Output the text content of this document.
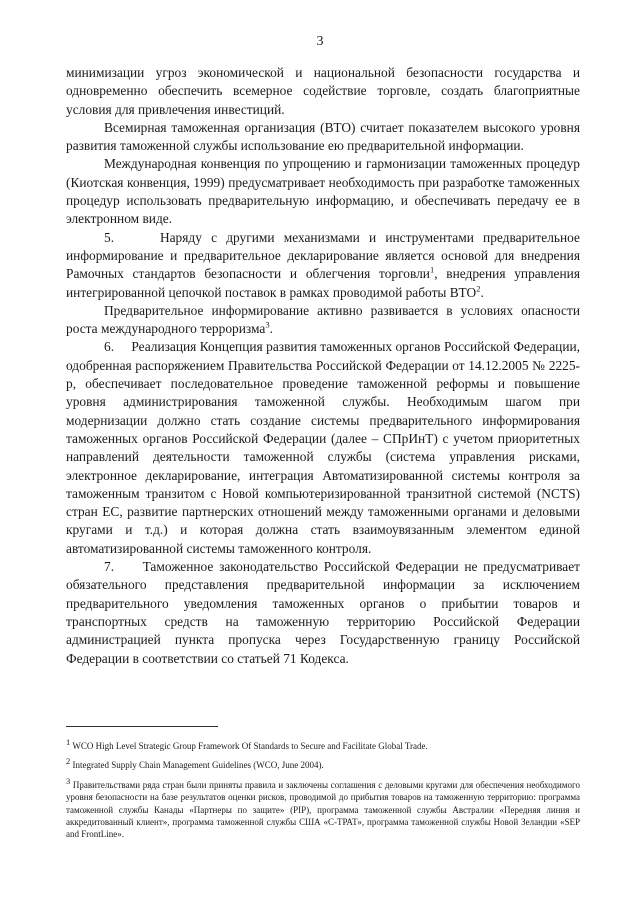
3

минимизации угроз экономической и национальной безопасности государства и одновременно обеспечить всемерное содействие торговле, создать благоприятные условия для привлечения инвестиций.

Всемирная таможенная организация (ВТО) считает показателем высокого уровня развития таможенной службы использование ею предварительной информации.

Международная конвенция по упрощению и гармонизации таможенных процедур (Киотская конвенция, 1999) предусматривает необходимость при разработке таможенных процедур использовать предварительную информацию, и обеспечивать передачу ее в электронном виде.

5.     Наряду с другими механизмами и инструментами предварительное информирование и предварительное декларирование является основой для внедрения Рамочных стандартов безопасности и облегчения торговли$^1$, внедрения управления интегрированной цепочкой поставок в рамках проводимой работы ВТО$^2$.

Предварительное информирование активно развивается в условиях опасности роста международного терроризма$^3$.

6.     Реализация Концепция развития таможенных органов Российской Федерации, одобренная распоряжением Правительства Российской Федерации от 14.12.2005 № 2225-р, обеспечивает последовательное проведение таможенной реформы и повышение уровня администрирования таможенной службы. Необходимым шагом при модернизации должно стать создание системы предварительного информирования таможенных органов Российской Федерации (далее – СПрИнТ) с учетом приоритетных направлений деятельности таможенной службы (система управления рисками, электронное декларирование, интеграция Автоматизированной системы контроля за таможенным транзитом с Новой компьютеризированной транзитной системой (NCTS) стран ЕС, развитие партнерских отношений между таможенными органами и деловыми кругами и т.д.) и которая должна стать взаимоувязанным элементом единой автоматизированной системы таможенного контроля.

7.     Таможенное законодательство Российской Федерации не предусматривает обязательного представления предварительной информации за исключением предварительного уведомления таможенных органов о прибытии товаров и транспортных средств на таможенную территорию Российской Федерации администрацией пункта пропуска через Государственную границу Российской Федерации в соответствии со статьей 71 Кодекса.

$^1$ WCO High Level Strategic Group Framework Of Standards to Secure and Facilitate Global Trade.

$^2$ Integrated Supply Chain Management Guidelines (WCO, June 2004).

$^3$ Правительствами ряда стран были приняты правила и заключены соглашения с деловыми кругами для обеспечения необходимого уровня безопасности на базе результатов оценки рисков, проводимой до прибытия товаров на таможенную территорию: программа таможенной службы Канады «Партнеры по защите» (PIP), программа таможенной службы Австралии «Передняя линия и аккредитованный клиент», программа таможенной службы США «С-ТРАТ», программа таможенной службы Новой Зеландии «SEP and FrontLine».
